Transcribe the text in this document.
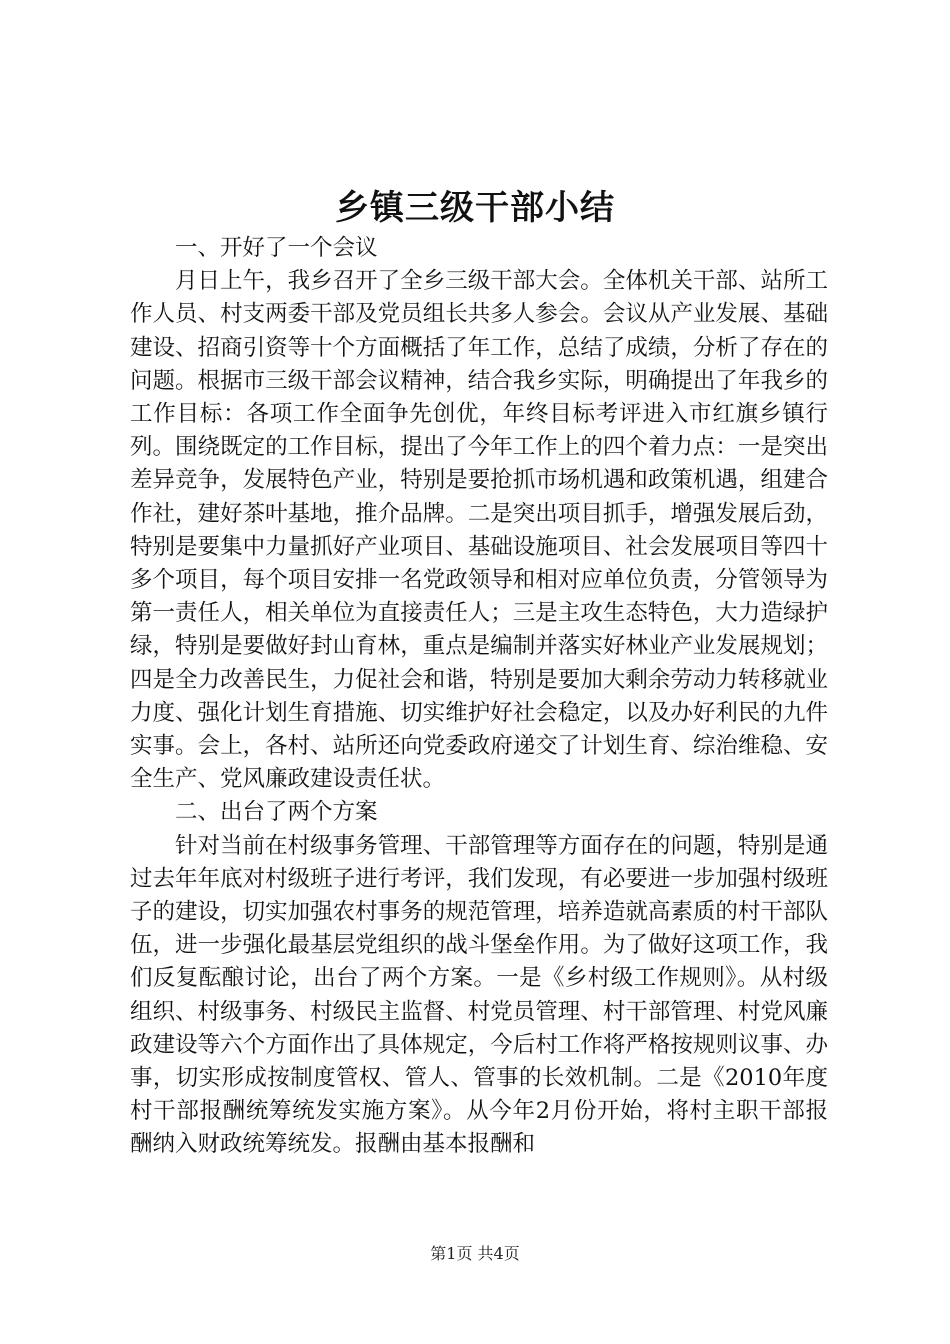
乡镇三级干部小结

一、开好了一个会议

月日上午，我乡召开了全乡三级干部大会。全体机关干部、站所工作人员、村支两委干部及党员组长共多人参会。会议从产业发展、基础建设、招商引资等十个方面概括了年工作，总结了成绩，分析了存在的问题。根据市三级干部会议精神，结合我乡实际，明确提出了年我乡的工作目标：各项工作全面争先创优，年终目标考评进入市红旗乡镇行列。围绕既定的工作目标，提出了今年工作上的四个着力点：一是突出差异竞争，发展特色产业，特别是要抢抓市场机遇和政策机遇，组建合作社，建好茶叶基地，推介品牌。二是突出项目抓手，增强发展后劲，特别是要集中力量抓好产业项目、基础设施项目、社会发展项目等四十多个项目，每个项目安排一名党政领导和相对应单位负责，分管领导为第一责任人，相关单位为直接责任人；三是主攻生态特色，大力造绿护绿，特别是要做好封山育林，重点是编制并落实好林业产业发展规划；四是全力改善民生，力促社会和谐，特别是要加大剩余劳动力转移就业力度、强化计划生育措施、切实维护好社会稳定，以及办好利民的九件实事。会上，各村、站所还向党委政府递交了计划生育、综治维稳、安全生产、党风廉政建设责任状。

二、出台了两个方案

针对当前在村级事务管理、干部管理等方面存在的问题，特别是通过去年年底对村级班子进行考评，我们发现，有必要进一步加强村级班子的建设，切实加强农村事务的规范管理，培养造就高素质的村干部队伍，进一步强化最基层党组织的战斗堡垒作用。为了做好这项工作，我们反复酝酿讨论，出台了两个方案。一是《乡村级工作规则》。从村级组织、村级事务、村级民主监督、村党员管理、村干部管理、村党风廉政建设等六个方面作出了具体规定，今后村工作将严格按规则议事、办事，切实形成按制度管权、管人、管事的长效机制。二是《2010年度村干部报酬统筹统发实施方案》。从今年2月份开始，将村主职干部报酬纳入财政统筹统发。报酬由基本报酬和

第1页 共4页
